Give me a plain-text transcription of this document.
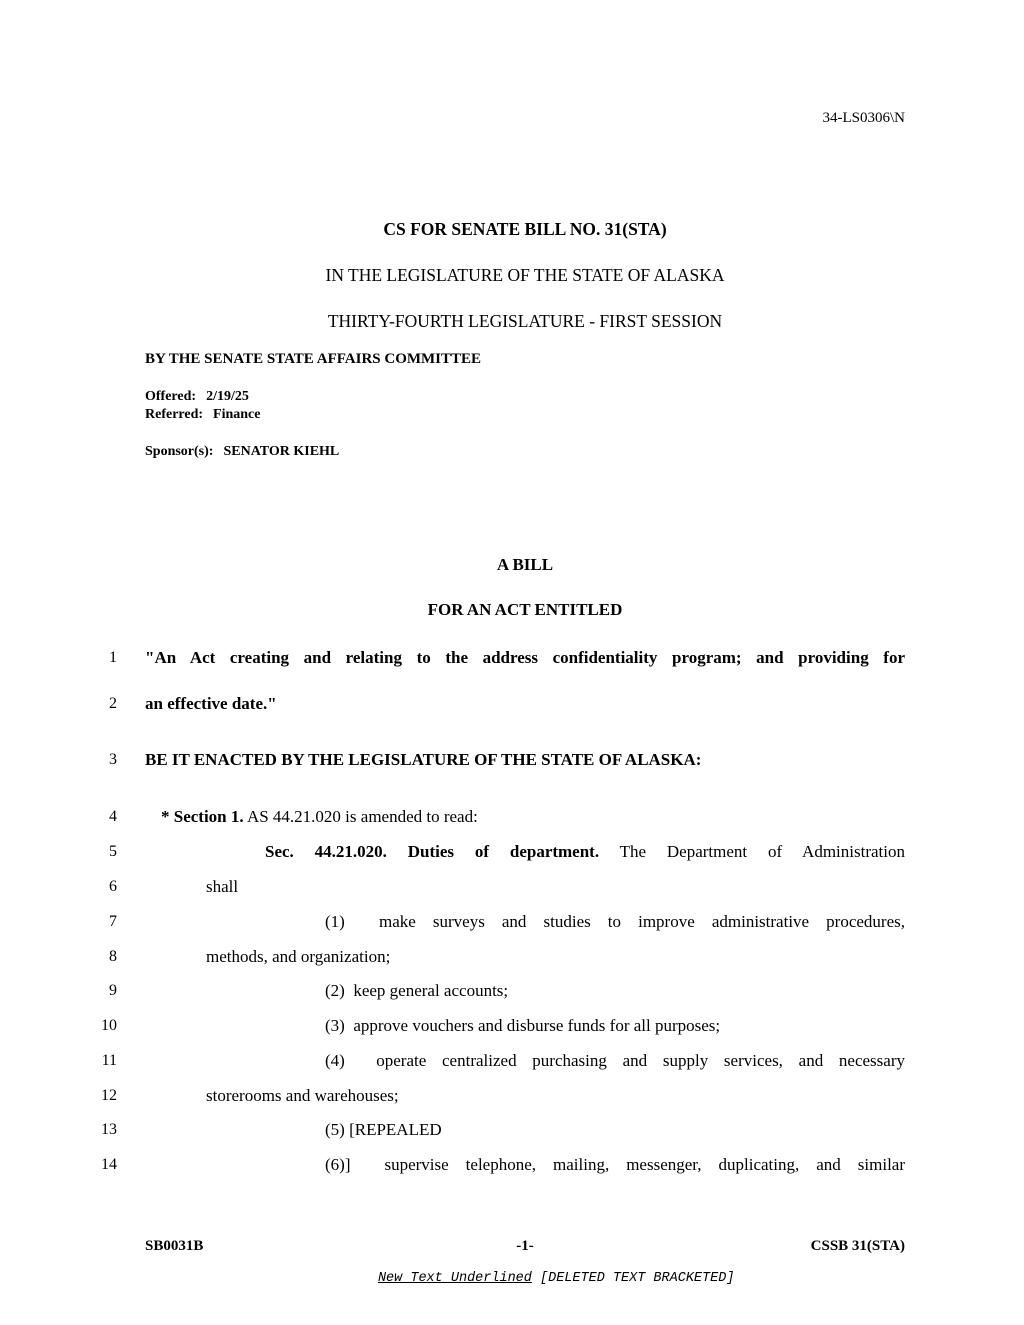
34-LS0306\N
CS FOR SENATE BILL NO. 31(STA)
IN THE LEGISLATURE OF THE STATE OF ALASKA
THIRTY-FOURTH LEGISLATURE - FIRST SESSION
BY THE SENATE STATE AFFAIRS COMMITTEE
Offered: 2/19/25
Referred: Finance
Sponsor(s): SENATOR KIEHL
A BILL
FOR AN ACT ENTITLED
1 "An Act creating and relating to the address confidentiality program; and providing for
2 an effective date."
3 BE IT ENACTED BY THE LEGISLATURE OF THE STATE OF ALASKA:
4	* Section 1. AS 44.21.020 is amended to read:
5	Sec. 44.21.020. Duties of department. The Department of Administration
6	shall
7	(1)  make surveys and studies to improve administrative procedures,
8	methods, and organization;
9	(2)  keep general accounts;
10	(3)  approve vouchers and disburse funds for all purposes;
11	(4)  operate centralized purchasing and supply services, and necessary
12	storerooms and warehouses;
13	(5) [REPEALED
14	(6)]  supervise telephone, mailing, messenger, duplicating, and similar
SB0031B	-1-	CSSB 31(STA)

New Text Underlined [DELETED TEXT BRACKETED]
